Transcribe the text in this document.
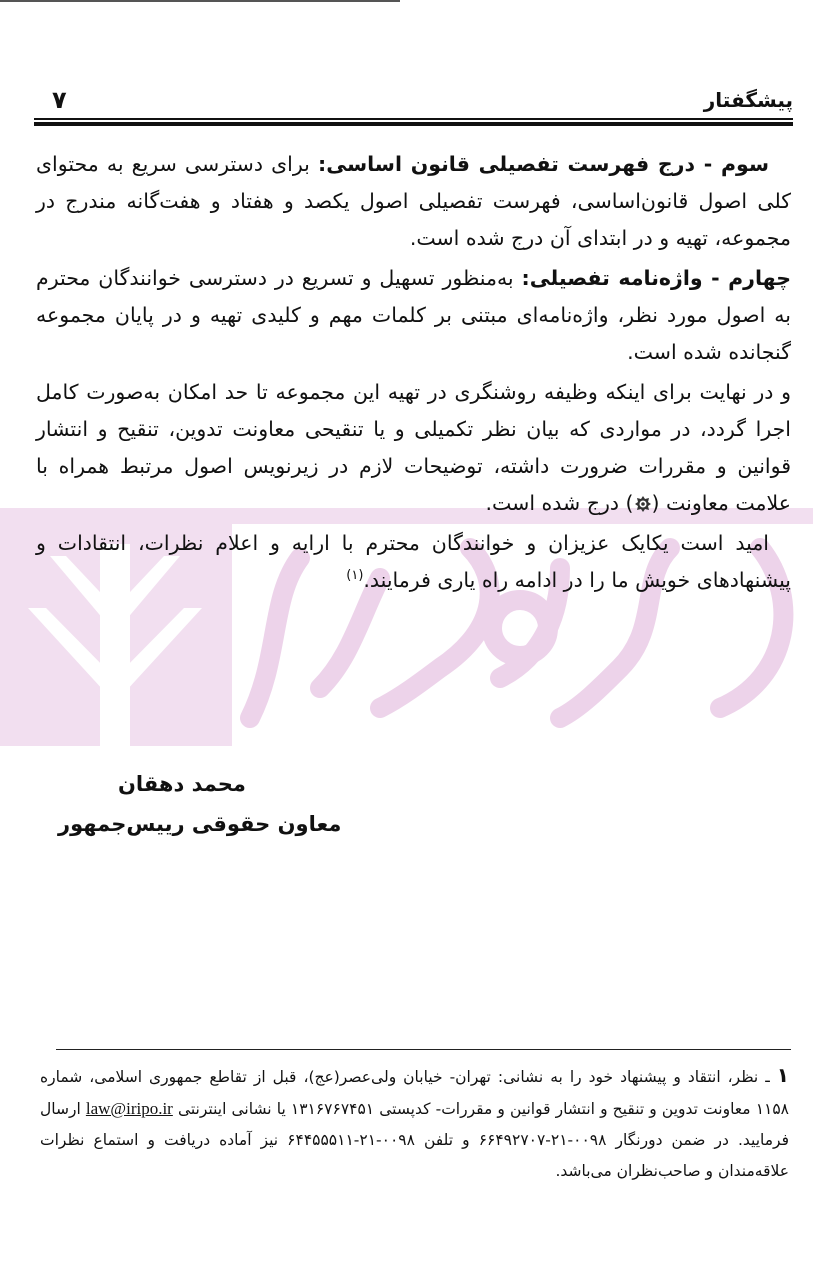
پیشگفتار
۷

سوم - درج فهرست تفصیلی قانون اساسی: برای دسترسی سریع به محتوای کلی اصول قانون‌اساسی، فهرست تفصیلی اصول یکصد و هفتاد و هفت‌گانه مندرج در مجموعه، تهیه و در ابتدای آن درج شده است.

چهارم - واژه‌نامه تفصیلی: به‌منظور تسهیل و تسریع در دسترسی خوانندگان محترم به اصول مورد نظر، واژه‌نامه‌ای مبتنی بر کلمات مهم و کلیدی تهیه و در پایان مجموعه گنجانده شده است.

و در نهایت برای اینکه وظیفه روشنگری در تهیه این مجموعه تا حد امکان به‌صورت کامل اجرا گردد، در مواردی که بیان نظر تکمیلی و یا تنقیحی معاونت تدوین، تنقیح و انتشار قوانین و مقررات ضرورت داشته، توضیحات لازم در زیرنویس اصول مرتبط همراه با علامت معاونت () درج شده است.

امید است یکایک عزیزان و خوانندگان محترم با ارایه و اعلام نظرات، انتقادات و پیشنهادهای خویش ما را در ادامه راه یاری فرمایند.$^{(۱)}$

محمد دهقان
معاون حقوقی رییس‌جمهور
۱ ـ نظر، انتقاد و پیشنهاد خود را به نشانی: تهران- خیابان ولی‌عصر(عج)، قبل از تقاطع جمهوری اسلامی، شماره ۱۱۵۸ معاونت تدوین و تنقیح و انتشار قوانین و مقررات- کدپستی ۱۳۱۶۷۶۷۴۵۱ یا نشانی اینترنتی law@iripo.ir ارسال فرمایید. در ضمن دورنگار ۰۰۹۸-۲۱-۶۶۴۹۲۷۰۷ و تلفن ۰۰۹۸-۲۱-۶۴۴۵۵۵۱۱ نیز آماده دریافت و استماع نظرات علاقه‌مندان و صاحب‌نظران می‌باشد.
